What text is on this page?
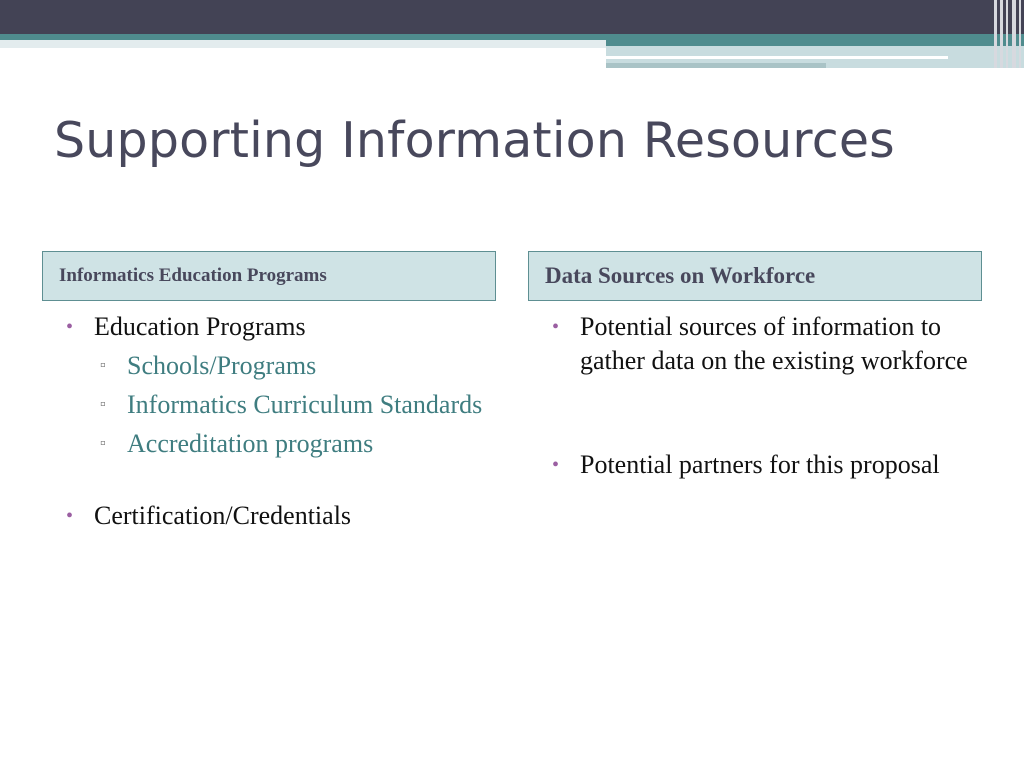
Supporting Information Resources
Informatics Education Programs	Data Sources on Workforce
• Education Programs
▫ Schools/Programs
▫ Informatics Curriculum Standards
▫ Accreditation programs
• Certification/Credentials
• Potential sources of information to gather data on the existing workforce
• Potential partners for this proposal
